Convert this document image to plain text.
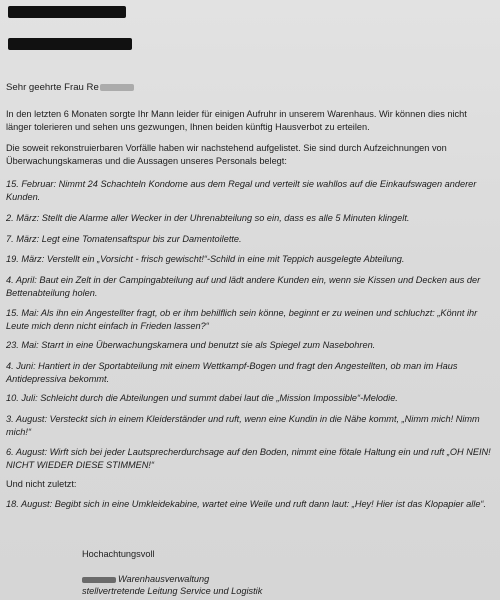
Sehr geehrte Frau Re
In den letzten 6 Monaten sorgte Ihr Mann leider für einigen Aufruhr in unserem Warenhaus. Wir können dies nicht länger tolerieren und sehen uns gezwungen, Ihnen beiden künftig Hausverbot zu erteilen.
Die soweit rekonstruierbaren Vorfälle haben wir nachstehend aufgelistet. Sie sind durch Aufzeichnungen von Überwachungskameras und die Aussagen unseres Personals belegt:
15. Februar: Nimmt 24 Schachteln Kondome aus dem Regal und verteilt sie wahllos auf die Einkaufswagen anderer Kunden.
2. März: Stellt die Alarme aller Wecker in der Uhrenabteilung so ein, dass es alle 5 Minuten klingelt.
7. März: Legt eine Tomatensaftspur bis zur Damentoilette.
19. März: Verstellt ein „Vorsicht - frisch gewischt!“-Schild in eine mit Teppich ausgelegte Abteilung.
4. April: Baut ein Zelt in der Campingabteilung auf und lädt andere Kunden ein, wenn sie Kissen und Decken aus der Bettenabteilung holen.
15. Mai: Als ihn ein Angestellter fragt, ob er ihm behilflich sein könne, beginnt er zu weinen und schluchzt: „Könnt ihr Leute mich denn nicht einfach in Frieden lassen?“
23. Mai: Starrt in eine Überwachungskamera und benutzt sie als Spiegel zum Nasebohren.
4. Juni: Hantiert in der Sportabteilung mit einem Wettkampf-Bogen und fragt den Angestellten, ob man im Haus Antidepressiva bekommt.
10. Juli: Schleicht durch die Abteilungen und summt dabei laut die „Mission Impossible“-Melodie.
3. August: Versteckt sich in einem Kleiderständer und ruft, wenn eine Kundin in die Nähe kommt, „Nimm mich! Nimm mich!“
6. August: Wirft sich bei jeder Lautsprecherdurchsage auf den Boden, nimmt eine fötale Haltung ein und ruft „OH NEIN! NICHT WIEDER DIESE STIMMEN!“
Und nicht zuletzt:
18. August: Begibt sich in eine Umkleidekabine, wartet eine Weile und ruft dann laut: „Hey! Hier ist das Klopapier alle“.
Hochachtungsvoll
Warenhausverwaltung
stellvertretende Leitung Service und Logistik
